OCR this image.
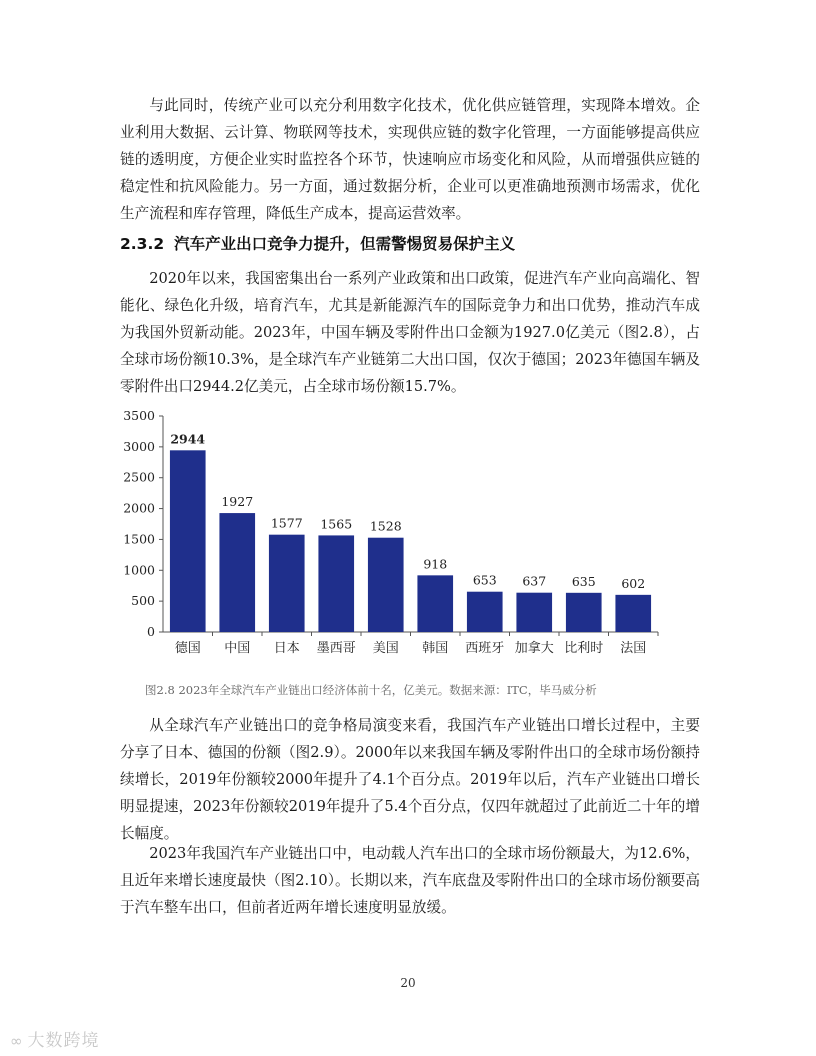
与此同时，传统产业可以充分利用数字化技术，优化供应链管理，实现降本增效。企业利用大数据、云计算、物联网等技术，实现供应链的数字化管理，一方面能够提高供应链的透明度，方便企业实时监控各个环节，快速响应市场变化和风险，从而增强供应链的稳定性和抗风险能力。另一方面，通过数据分析，企业可以更准确地预测市场需求，优化生产流程和库存管理，降低生产成本，提高运营效率。

2.3.2 汽车产业出口竞争力提升，但需警惕贸易保护主义

2020年以来，我国密集出台一系列产业政策和出口政策，促进汽车产业向高端化、智能化、绿色化升级，培育汽车，尤其是新能源汽车的国际竞争力和出口优势，推动汽车成为我国外贸新动能。2023年，中国车辆及零附件出口金额为1927.0亿美元（图2.8），占全球市场份额10.3%，是全球汽车产业链第二大出口国，仅次于德国；2023年德国车辆及零附件出口2944.2亿美元，占全球市场份额15.7%。

0
500
1000
1500
2000
2500
3000
3500
2944
德国
1927
中国
1577
日本
1565
墨西哥
1528
美国
918
韩国
653
西班牙
637
加拿大
635
比利时
602
法国
图2.8 2023年全球汽车产业链出口经济体前十名，亿美元。数据来源：ITC，毕马威分析

从全球汽车产业链出口的竞争格局演变来看，我国汽车产业链出口增长过程中，主要分享了日本、德国的份额（图2.9）。2000年以来我国车辆及零附件出口的全球市场份额持续增长，2019年份额较2000年提升了4.1个百分点。2019年以后，汽车产业链出口增长明显提速，2023年份额较2019年提升了5.4个百分点，仅四年就超过了此前近二十年的增长幅度。

2023年我国汽车产业链出口中，电动载人汽车出口的全球市场份额最大，为12.6%，且近年来增长速度最快（图2.10）。长期以来，汽车底盘及零附件出口的全球市场份额要高于汽车整车出口，但前者近两年增长速度明显放缓。

20
∞ 大数跨境
